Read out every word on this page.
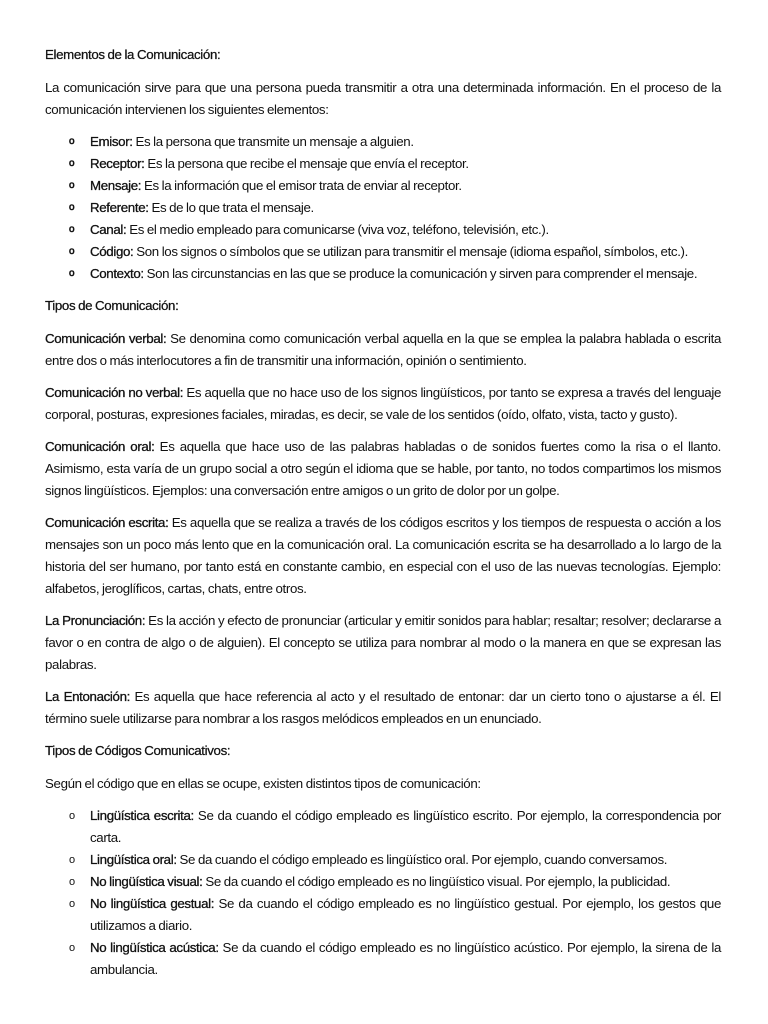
Elementos de la Comunicación:

La comunicación sirve para que una persona pueda transmitir a otra una determinada información. En el proceso de la comunicación intervienen los siguientes elementos:

o Emisor: Es la persona que transmite un mensaje a alguien.
o Receptor: Es la persona que recibe el mensaje que envía el receptor.
o Mensaje: Es la información que el emisor trata de enviar al receptor.
o Referente: Es de lo que trata el mensaje.
o Canal: Es el medio empleado para comunicarse (viva voz, teléfono, televisión, etc.).
o Código: Son los signos o símbolos que se utilizan para transmitir el mensaje (idioma español, símbolos, etc.).
o Contexto: Son las circunstancias en las que se produce la comunicación y sirven para comprender el mensaje.
Tipos de Comunicación:

Comunicación verbal: Se denomina como comunicación verbal aquella en la que se emplea la palabra hablada o escrita entre dos o más interlocutores a fin de transmitir una información, opinión o sentimiento.

Comunicación no verbal: Es aquella que no hace uso de los signos lingüísticos, por tanto se expresa a través del lenguaje corporal, posturas, expresiones faciales, miradas, es decir, se vale de los sentidos (oído, olfato, vista, tacto y gusto).

Comunicación oral: Es aquella que hace uso de las palabras habladas o de sonidos fuertes como la risa o el llanto. Asimismo, esta varía de un grupo social a otro según el idioma que se hable, por tanto, no todos compartimos los mismos signos lingüísticos. Ejemplos: una conversación entre amigos o un grito de dolor por un golpe.

Comunicación escrita: Es aquella que se realiza a través de los códigos escritos y los tiempos de respuesta o acción a los mensajes son un poco más lento que en la comunicación oral. La comunicación escrita se ha desarrollado a lo largo de la historia del ser humano, por tanto está en constante cambio, en especial con el uso de las nuevas tecnologías. Ejemplo: alfabetos, jeroglíficos, cartas, chats, entre otros.

La Pronunciación: Es la acción y efecto de pronunciar (articular y emitir sonidos para hablar; resaltar; resolver; declararse a favor o en contra de algo o de alguien). El concepto se utiliza para nombrar al modo o la manera en que se expresan las palabras.

La Entonación: Es aquella que hace referencia al acto y el resultado de entonar: dar un cierto tono o ajustarse a él. El término suele utilizarse para nombrar a los rasgos melódicos empleados en un enunciado.

Tipos de Códigos Comunicativos:

Según el código que en ellas se ocupe, existen distintos tipos de comunicación:

o Lingüística escrita: Se da cuando el código empleado es lingüístico escrito. Por ejemplo, la correspondencia por carta.
o Lingüística oral: Se da cuando el código empleado es lingüístico oral. Por ejemplo, cuando conversamos.
o No lingüística visual: Se da cuando el código empleado es no lingüístico visual. Por ejemplo, la publicidad.
o No lingüística gestual: Se da cuando el código empleado es no lingüístico gestual. Por ejemplo, los gestos que utilizamos a diario.
o No lingüística acústica: Se da cuando el código empleado es no lingüístico acústico. Por ejemplo, la sirena de la ambulancia.
